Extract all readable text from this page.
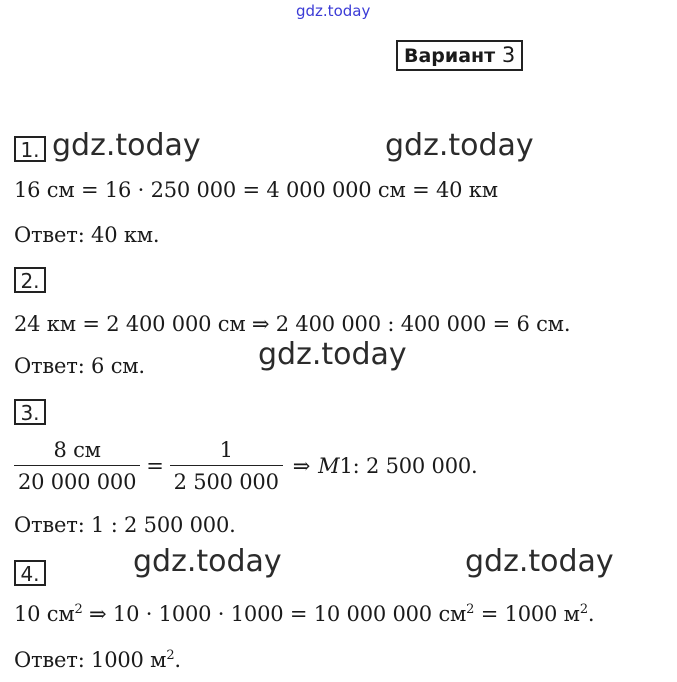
gdz.today
Вариант 3
1. gdz.today	gdz.today
16 см = 16 · 250 000 = 4 000 000 см = 40 км
Ответ: 40 км.
2.
24 км = 2 400 000 см ⇒ 2 400 000 : 400 000 = 6 см.
Ответ: 6 см.	gdz.today
3.
$\frac{8 см}{20 000 000} = \frac{1}{2 500 000}$ ⇒ M 1: 2 500 000.
Ответ: 1 : 2 500 000.
4.	gdz.today	gdz.today
10 $см^2$ ⇒ 10 · 1000 · 1000 = 10 000 000 $см^2 = 1000$ $м^2$.
Ответ: 1000 $м^2$.
